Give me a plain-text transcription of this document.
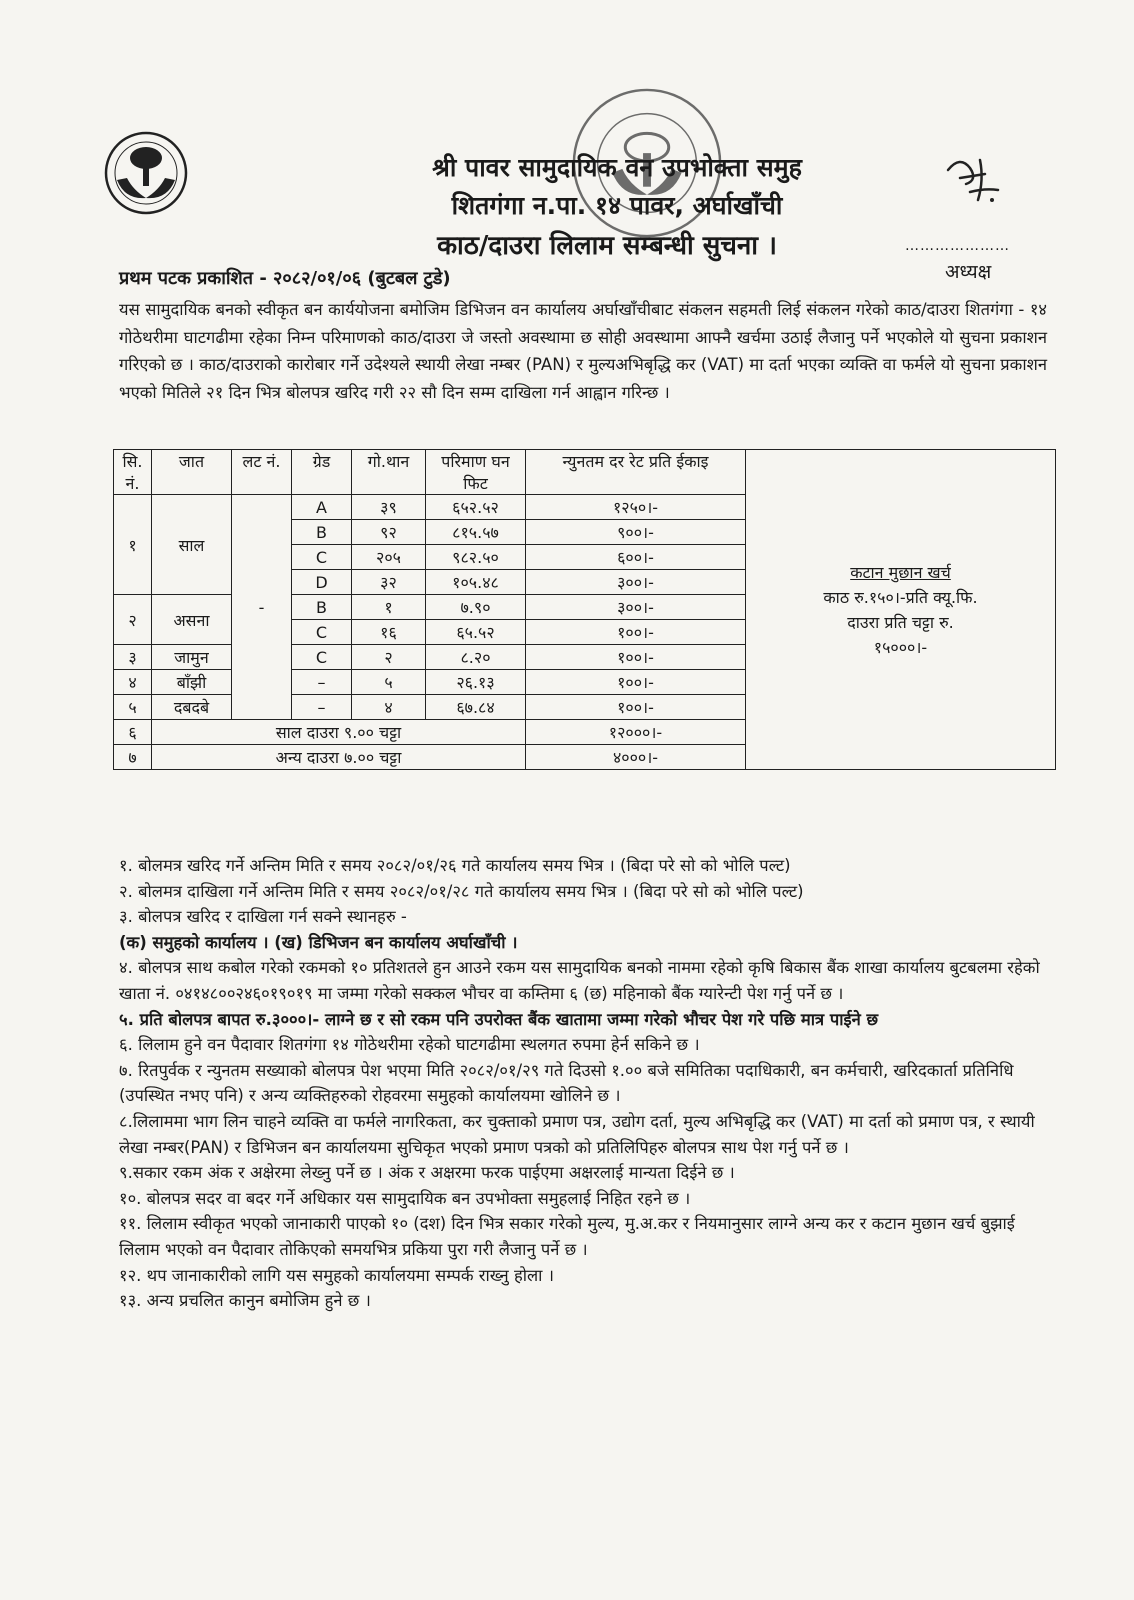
…………………
अध्यक्ष
श्री पावर सामुदायिक वन उपभोक्ता समुह
शितगंगा न.पा. १४ पावर, अर्घाखाँची
काठ/दाउरा लिलाम सम्बन्धी सुचना ।
प्रथम पटक प्रकाशित - २०८२/०१/०६ (बुटबल टुडे)
यस सामुदायिक बनको स्वीकृत बन कार्ययोजना बमोजिम डिभिजन वन कार्यालय अर्घाखाँचीबाट संकलन सहमती लिई संकलन गरेको काठ/दाउरा शितगंगा - १४ गोठेथरीमा घाटगढीमा रहेका निम्न परिमाणको काठ/दाउरा जे जस्तो अवस्थामा छ सोही अवस्थामा आफ्नै खर्चमा उठाई लैजानु पर्ने भएकोले यो सुचना प्रकाशन गरिएको छ । काठ/दाउराको कारोबार गर्ने उदेश्यले स्थायी लेखा नम्बर (PAN) र मुल्यअभिबृद्धि कर (VAT) मा दर्ता भएका व्यक्ति वा फर्मले यो सुचना प्रकाशन भएको मितिले २१ दिन भित्र बोलपत्र खरिद गरी २२ सौ दिन सम्म दाखिला गर्न आह्वान गरिन्छ ।
सि. नं.	जात	लट नं.	ग्रेड	गो.थान	परिमाण घन फिट	न्युनतम दर रेट प्रति ईकाइ	कटान मुछान खर्च
काठ रु.१५०।-प्रति क्यू.फि.
दाउरा प्रति चट्टा रु.
१५०००।-

१	साल	-	A	३९	६५२.५२	१२५०।-	
			B	९२	८१५.५७	९००।-	
			C	२०५	९८२.५०	६००।-	
			D	३२	१०५.४८	३००।-	
२	असना		B	१	७.९०	३००।-	
			C	१६	६५.५२	१००।-	
३	जामुन		C	२	८.२०	१००।-	
४	बाँझी		–	५	२६.१३	१००।-	
५	दबदबे		–	४	६७.८४	१००।-	
६	साल दाउरा ९.०० चट्टा					१२०००।-	
७	अन्य दाउरा ७.०० चट्टा					४०००।-	

१. बोलमत्र खरिद गर्ने अन्तिम मिति र समय २०८२/०१/२६ गते कार्यालय समय भित्र । (बिदा परे सो को भोलि पल्ट)

२. बोलमत्र दाखिला गर्ने अन्तिम मिति र समय २०८२/०१/२८ गते कार्यालय समय भित्र । (बिदा परे सो को भोलि पल्ट)

३. बोलपत्र खरिद र दाखिला गर्न सक्ने स्थानहरु -

(क) समुहको कार्यालय । (ख) डिभिजन बन कार्यालय अर्घाखाँची ।

४. बोलपत्र साथ कबोल गरेको रकमको १० प्रतिशतले हुन आउने रकम यस सामुदायिक बनको नाममा रहेको कृषि बिकास बैंक शाखा कार्यालय बुटबलमा रहेको खाता नं. ०४१४८००२४६०१९०१९ मा जम्मा गरेको सक्कल भौचर वा कम्तिमा ६ (छ) महिनाको बैंक ग्यारेन्टी पेश गर्नु पर्ने छ ।

५. प्रति बोलपत्र बापत रु.३०००।- लाग्ने छ र सो रकम पनि उपरोक्त बैंक खातामा जम्मा गरेको भौचर पेश गरे पछि मात्र पाईने छ

६. लिलाम हुने वन पैदावार शितगंगा १४ गोठेथरीमा रहेको घाटगढीमा स्थलगत रुपमा हेर्न सकिने छ ।

७. रितपुर्वक र न्युनतम सख्याको बोलपत्र पेश भएमा मिति २०८२/०१/२९ गते दिउसो १.०० बजे समितिका पदाधिकारी, बन कर्मचारी, खरिदकार्ता प्रतिनिधि (उपस्थित नभए पनि) र अन्य व्यक्तिहरुको रोहवरमा समुहको कार्यालयमा खोलिने छ ।

८.लिलाममा भाग लिन चाहने व्यक्ति वा फर्मले नागरिकता, कर चुक्ताको प्रमाण पत्र, उद्योग दर्ता, मुल्य अभिबृद्धि कर (VAT) मा दर्ता को प्रमाण पत्र, र स्थायी लेखा नम्बर(PAN) र डिभिजन बन कार्यालयमा सुचिकृत भएको प्रमाण पत्रको को प्रतिलिपिहरु बोलपत्र साथ पेश गर्नु पर्ने छ ।

९.सकार रकम अंक र अक्षेरमा लेख्नु पर्ने छ । अंक र अक्षरमा फरक पाईएमा अक्षरलाई मान्यता दिईने छ ।

१०. बोलपत्र सदर वा बदर गर्ने अधिकार यस सामुदायिक बन उपभोक्ता समुहलाई निहित रहने छ ।

११. लिलाम स्वीकृत भएको जानाकारी पाएको १० (दश) दिन भित्र सकार गरेको मुल्य, मु.अ.कर र नियमानुसार लाग्ने अन्य कर र कटान मुछान खर्च बुझाई लिलाम भएको वन पैदावार तोकिएको समयभित्र प्रकिया पुरा गरी लैजानु पर्ने छ ।

१२. थप जानाकारीको लागि यस समुहको कार्यालयमा सम्पर्क राख्नु होला ।

१३. अन्य प्रचलित कानुन बमोजिम हुने छ ।
